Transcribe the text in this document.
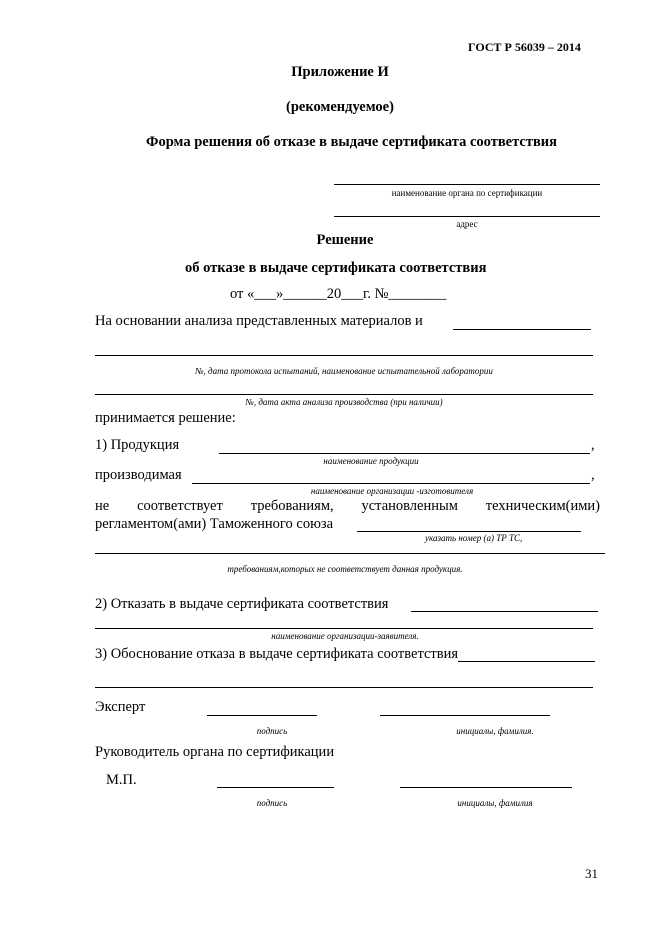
ГОСТ Р 56039 – 2014
Приложение И
(рекомендуемое)
Форма решения об отказе в выдаче сертификата соответствия
наименование органа по сертификации
адрес
Решение
об отказе в выдаче сертификата соответствия
от «___»______20___г. №________
На основании анализа представленных материалов и
№, дата протокола испытаний, наименование испытательной лаборатории
№, дата акта анализа производства (при наличии)
принимается решение:
1) Продукция	,
наименование продукции
производимая	,
наименование организации -изготовителя
не соответствует требованиям, установленным техническим(ими)
регламентом(ами) Таможенного союза
указать номер (а) ТР ТС,
требованиям,которых не соответствует данная продукция.
2) Отказать в выдаче сертификата соответствия
наименование организации-заявителя.
3) Обоснование отказа в выдаче сертификата соответствия
Эксперт
подпись	инициалы, фамилия.
Руководитель органа по сертификации
М.П.
подпись	инициалы, фамилия
31
